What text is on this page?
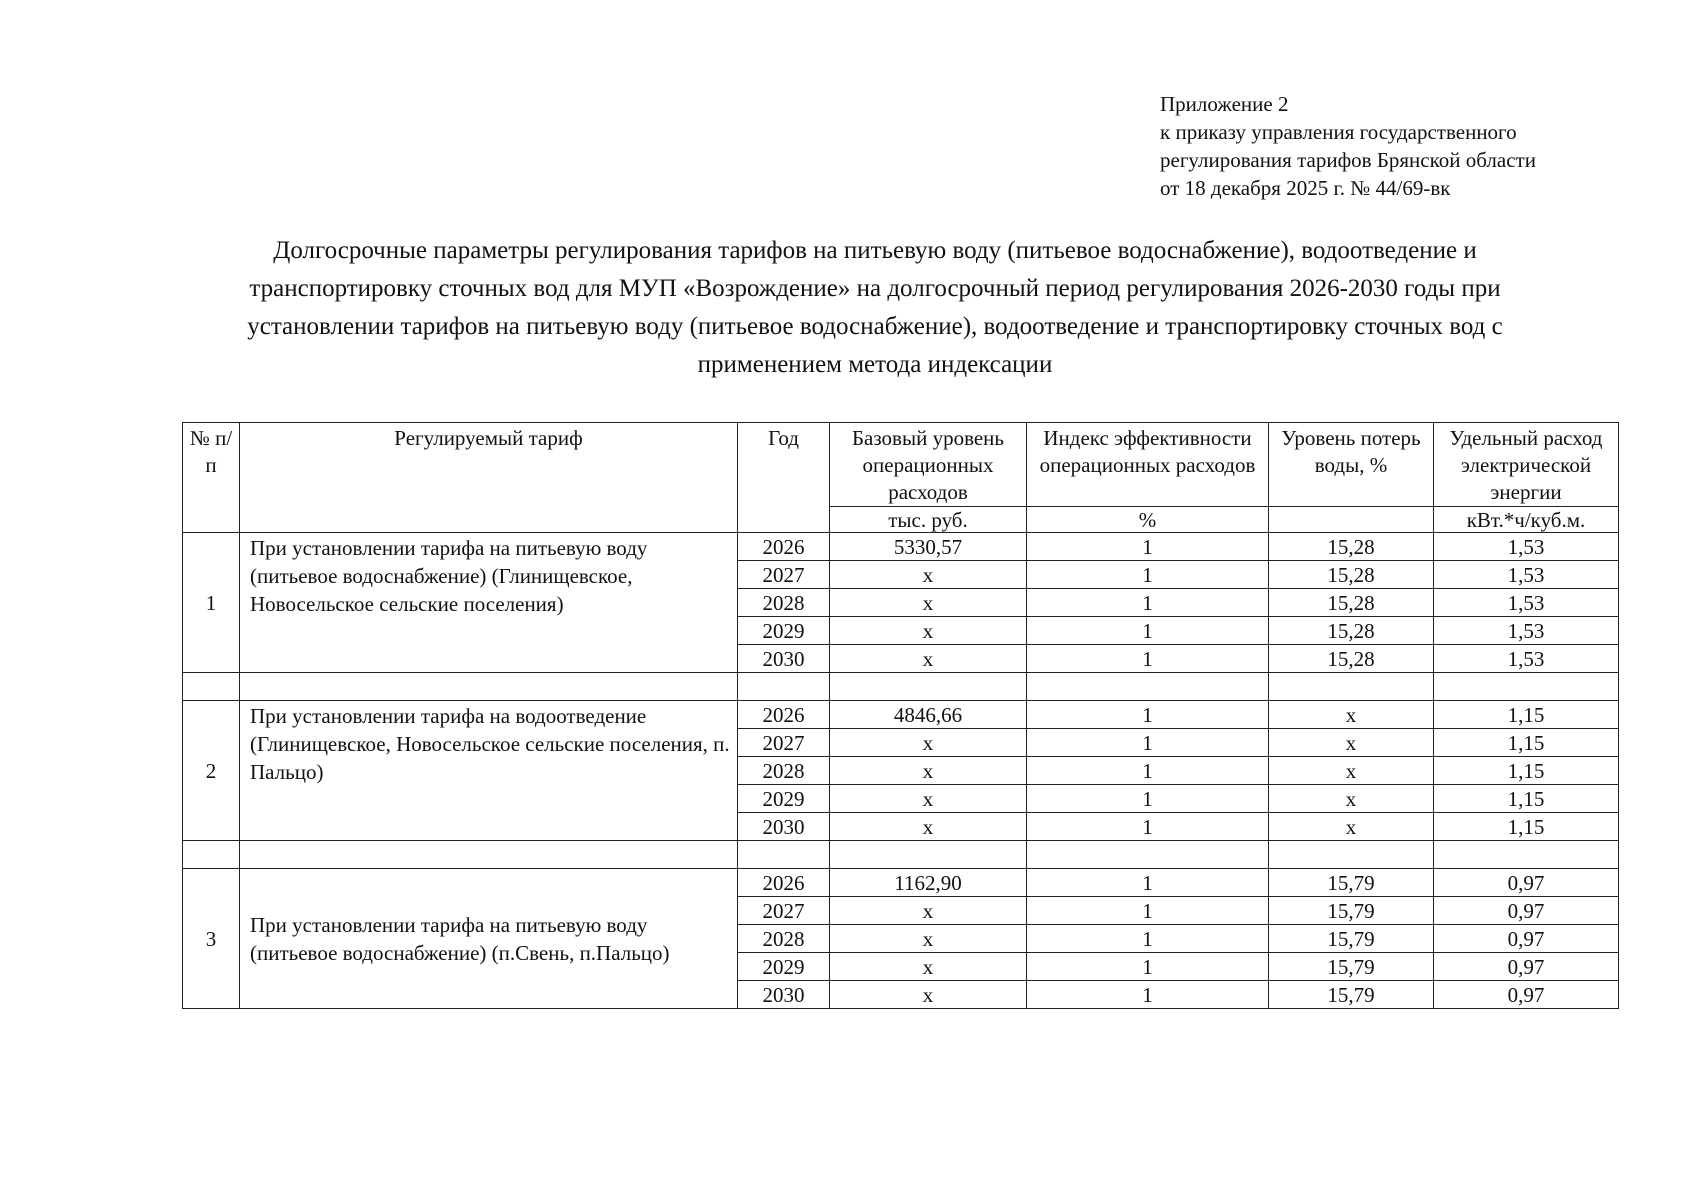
Приложение 2
к приказу управления государственного
регулирования тарифов Брянской области
от 18 декабря 2025 г. № 44/69-вк
Долгосрочные параметры регулирования тарифов на питьевую воду (питьевое водоснабжение), водоотведение и
транспортировку сточных вод для МУП «Возрождение» на долгосрочный период регулирования 2026-2030 годы при
установлении тарифов на питьевую воду (питьевое водоснабжение), водоотведение и транспортировку сточных вод с
применением метода индексации
№ п/п	Регулируемый тариф	Год	Базовый уровень операционных расходов	Индекс эффективности операционных расходов	Уровень потерь воды, %	Удельный расход электрической энергии
			тыс. руб.	%		кВт.*ч/куб.м.
1	При установлении тарифа на питьевую воду (питьевое водоснабжение) (Глинищевское, Новосельское сельские поселения)	2026	5330,57	1	15,28	1,53
		2027	х	1	15,28	1,53
		2028	х	1	15,28	1,53
		2029	х	1	15,28	1,53
		2030	х	1	15,28	1,53

2	При установлении тарифа на водоотведение (Глинищевское, Новосельское сельские поселения, п. Пальцо)	2026	4846,66	1	х	1,15
		2027	х	1	х	1,15
		2028	х	1	х	1,15
		2029	х	1	х	1,15
		2030	х	1	х	1,15

3	При установлении тарифа на питьевую воду (питьевое водоснабжение) (п.Свень, п.Пальцо)	2026	1162,90	1	15,79	0,97
		2027	х	1	15,79	0,97
		2028	х	1	15,79	0,97
		2029	х	1	15,79	0,97
		2030	х	1	15,79	0,97
